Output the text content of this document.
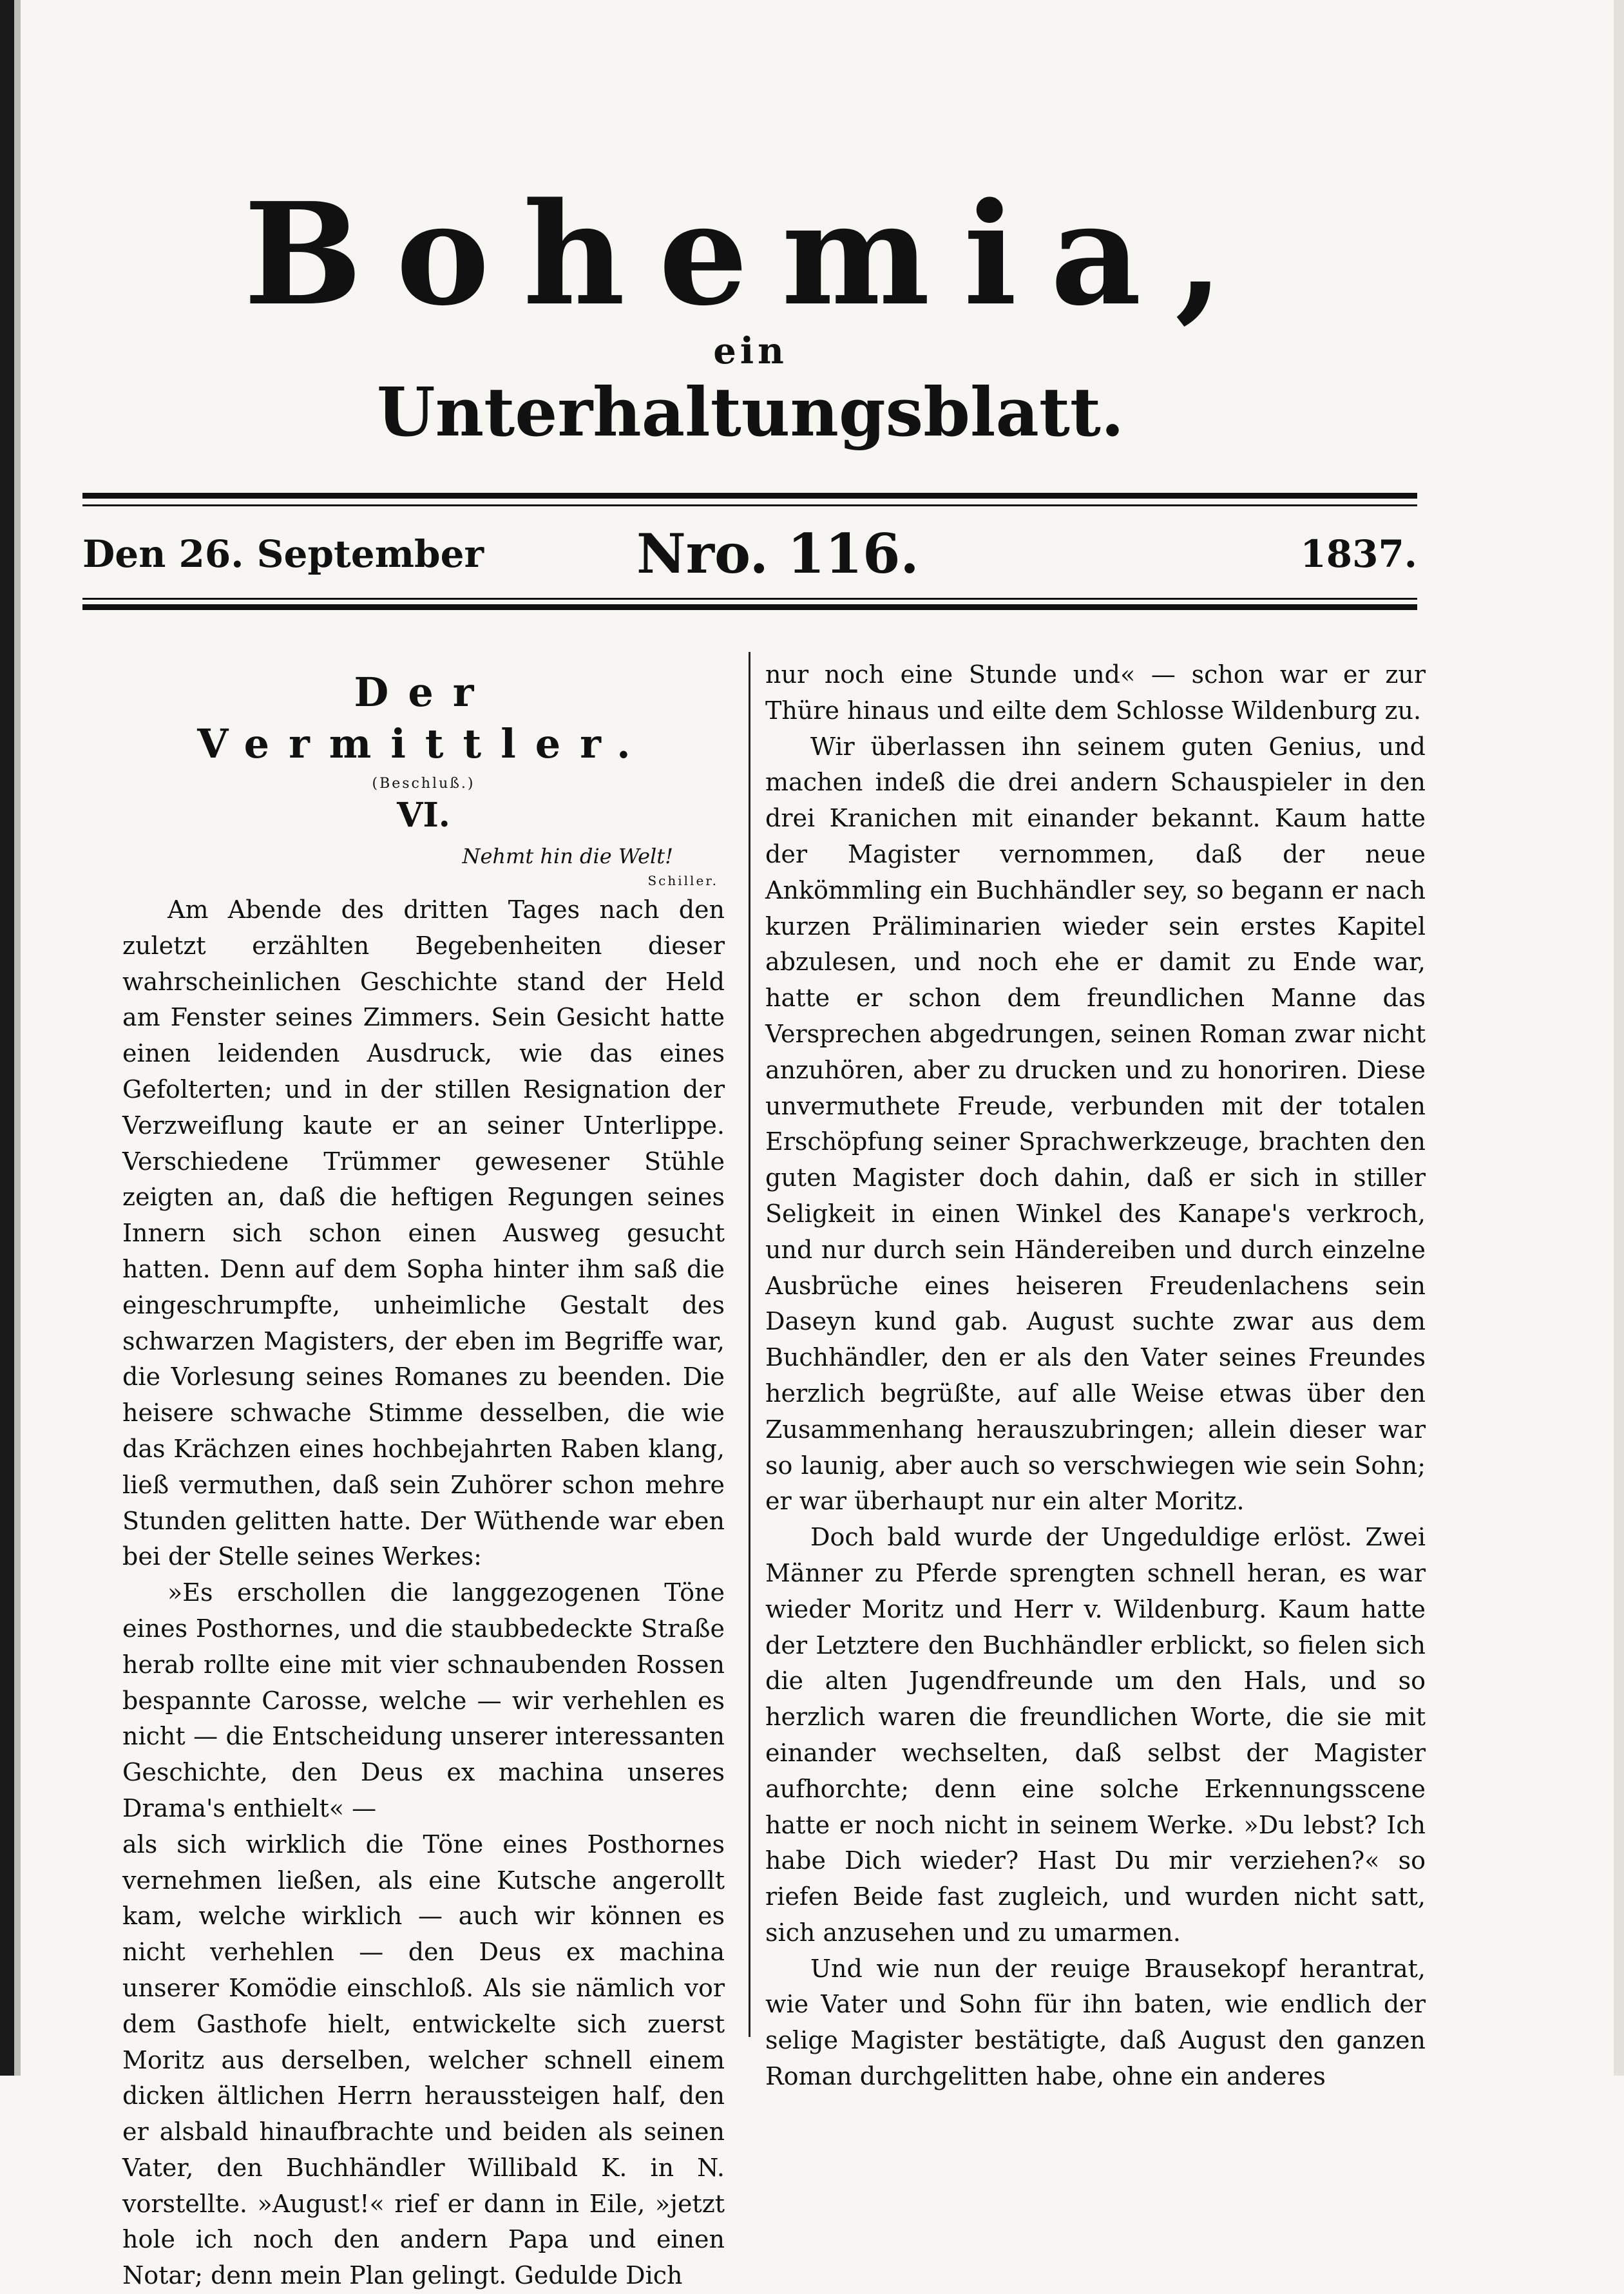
Bohemia,
ein
Unterhaltungsblatt.
Den 26. September	Nro. 116.	1837.
Der Vermittler.
(Beschluß.)
VI.
Nehmt hin die Welt!
Schiller.

Am Abende des dritten Tages nach den zuletzt erzählten Begebenheiten dieser wahrscheinlichen Geschichte stand der Held am Fenster seines Zimmers. Sein Gesicht hatte einen leidenden Ausdruck, wie das eines Gefolterten; und in der stillen Resignation der Verzweiflung kaute er an seiner Unterlippe. Verschiedene Trümmer gewesener Stühle zeigten an, daß die heftigen Regungen seines Innern sich schon einen Ausweg gesucht hatten. Denn auf dem Sopha hinter ihm saß die eingeschrumpfte, unheimliche Gestalt des schwarzen Magisters, der eben im Begriffe war, die Vorlesung seines Romanes zu beenden. Die heisere schwache Stimme desselben, die wie das Krächzen eines hochbejahrten Raben klang, ließ vermuthen, daß sein Zuhörer schon mehre Stunden gelitten hatte. Der Wüthende war eben bei der Stelle seines Werkes:

»Es erschollen die langgezogenen Töne eines Posthornes, und die staubbedeckte Straße herab rollte eine mit vier schnaubenden Rossen bespannte Carosse, welche — wir verhehlen es nicht — die Entscheidung unserer interessanten Geschichte, den Deus ex machina unseres Drama's enthielt« —

als sich wirklich die Töne eines Posthornes vernehmen ließen, als eine Kutsche angerollt kam, welche wirklich — auch wir können es nicht verhehlen — den Deus ex machina unserer Komödie einschloß. Als sie nämlich vor dem Gasthofe hielt, entwickelte sich zuerst Moritz aus derselben, welcher schnell einem dicken ältlichen Herrn heraussteigen half, den er alsbald hinaufbrachte und beiden als seinen Vater, den Buchhändler Willibald K. in N. vorstellte. »August!« rief er dann in Eile, »jetzt hole ich noch den andern Papa und einen Notar; denn mein Plan gelingt. Gedulde Dich

nur noch eine Stunde und« — schon war er zur Thüre hinaus und eilte dem Schlosse Wildenburg zu.

Wir überlassen ihn seinem guten Genius, und machen indeß die drei andern Schauspieler in den drei Kranichen mit einander bekannt. Kaum hatte der Magister vernommen, daß der neue Ankömmling ein Buchhändler sey, so begann er nach kurzen Präliminarien wieder sein erstes Kapitel abzulesen, und noch ehe er damit zu Ende war, hatte er schon dem freundlichen Manne das Versprechen abgedrungen, seinen Roman zwar nicht anzuhören, aber zu drucken und zu honoriren. Diese unvermuthete Freude, verbunden mit der totalen Erschöpfung seiner Sprachwerkzeuge, brachten den guten Magister doch dahin, daß er sich in stiller Seligkeit in einen Winkel des Kanape's verkroch, und nur durch sein Händereiben und durch einzelne Ausbrüche eines heiseren Freudenlachens sein Daseyn kund gab. August suchte zwar aus dem Buchhändler, den er als den Vater seines Freundes herzlich begrüßte, auf alle Weise etwas über den Zusammenhang herauszubringen; allein dieser war so launig, aber auch so verschwiegen wie sein Sohn; er war überhaupt nur ein alter Moritz.

Doch bald wurde der Ungeduldige erlöst. Zwei Männer zu Pferde sprengten schnell heran, es war wieder Moritz und Herr v. Wildenburg. Kaum hatte der Letztere den Buchhändler erblickt, so fielen sich die alten Jugendfreunde um den Hals, und so herzlich waren die freundlichen Worte, die sie mit einander wechselten, daß selbst der Magister aufhorchte; denn eine solche Erkennungsscene hatte er noch nicht in seinem Werke. »Du lebst? Ich habe Dich wieder? Hast Du mir verziehen?« so riefen Beide fast zugleich, und wurden nicht satt, sich anzusehen und zu umarmen.

Und wie nun der reuige Brausekopf herantrat, wie Vater und Sohn für ihn baten, wie endlich der selige Magister bestätigte, daß August den ganzen Roman durchgelitten habe, ohne ein anderes
